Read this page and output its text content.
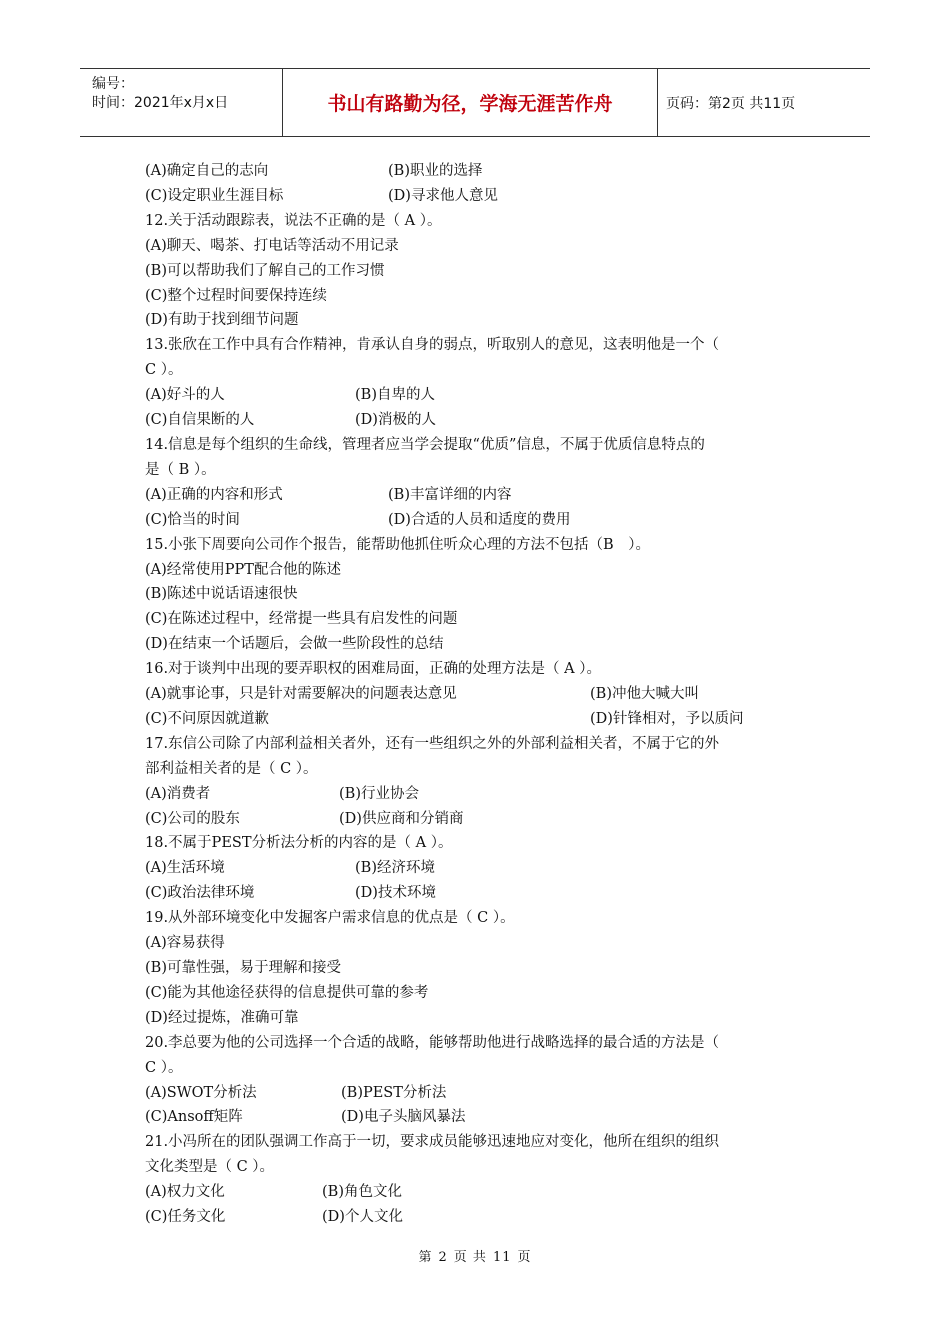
编号：
时间：2021年x月x日	书山有路勤为径，学海无涯苦作舟	页码：第2页 共11页
(A)确定自己的志向	(B)职业的选择
(C)设定职业生涯目标	(D)寻求他人意见
12.关于活动跟踪表，说法不正确的是（ A ）。
(A)聊天、喝茶、打电话等活动不用记录
(B)可以帮助我们了解自己的工作习惯
(C)整个过程时间要保持连续
(D)有助于找到细节问题
13.张欣在工作中具有合作精神，肯承认自身的弱点，听取别人的意见，这表明他是一个（
C ）。
(A)好斗的人	(B)自卑的人
(C)自信果断的人	(D)消极的人
14.信息是每个组织的生命线，管理者应当学会提取“优质”信息，不属于优质信息特点的
是（ B ）。
(A)正确的内容和形式	(B)丰富详细的内容
(C)恰当的时间	(D)合适的人员和适度的费用
15.小张下周要向公司作个报告，能帮助他抓住听众心理的方法不包括（B　）。
(A)经常使用PPT配合他的陈述
(B)陈述中说话语速很快
(C)在陈述过程中，经常提一些具有启发性的问题
(D)在结束一个话题后，会做一些阶段性的总结
16.对于谈判中出现的要弄职权的困难局面，正确的处理方法是（ A ）。
(A)就事论事，只是针对需要解决的问题表达意见	(B)冲他大喊大叫
(C)不问原因就道歉	(D)针锋相对，予以质问
17.东信公司除了内部利益相关者外，还有一些组织之外的外部利益相关者，不属于它的外
部利益相关者的是（ C ）。
(A)消费者	(B)行业协会
(C)公司的股东	(D)供应商和分销商
18.不属于PEST分析法分析的内容的是（ A ）。
(A)生活环境	(B)经济环境
(C)政治法律环境	(D)技术环境
19.从外部环境变化中发掘客户需求信息的优点是（ C ）。
(A)容易获得
(B)可靠性强，易于理解和接受
(C)能为其他途径获得的信息提供可靠的参考
(D)经过提炼，准确可靠
20.李总要为他的公司选择一个合适的战略，能够帮助他进行战略选择的最合适的方法是（
C ）。
(A)SWOT分析法	(B)PEST分析法
(C)Ansoff矩阵	(D)电子头脑风暴法
21.小冯所在的团队强调工作高于一切，要求成员能够迅速地应对变化，他所在组织的组织
文化类型是（ C ）。
(A)权力文化	(B)角色文化
(C)任务文化	(D)个人文化
第 2 页 共 11 页
